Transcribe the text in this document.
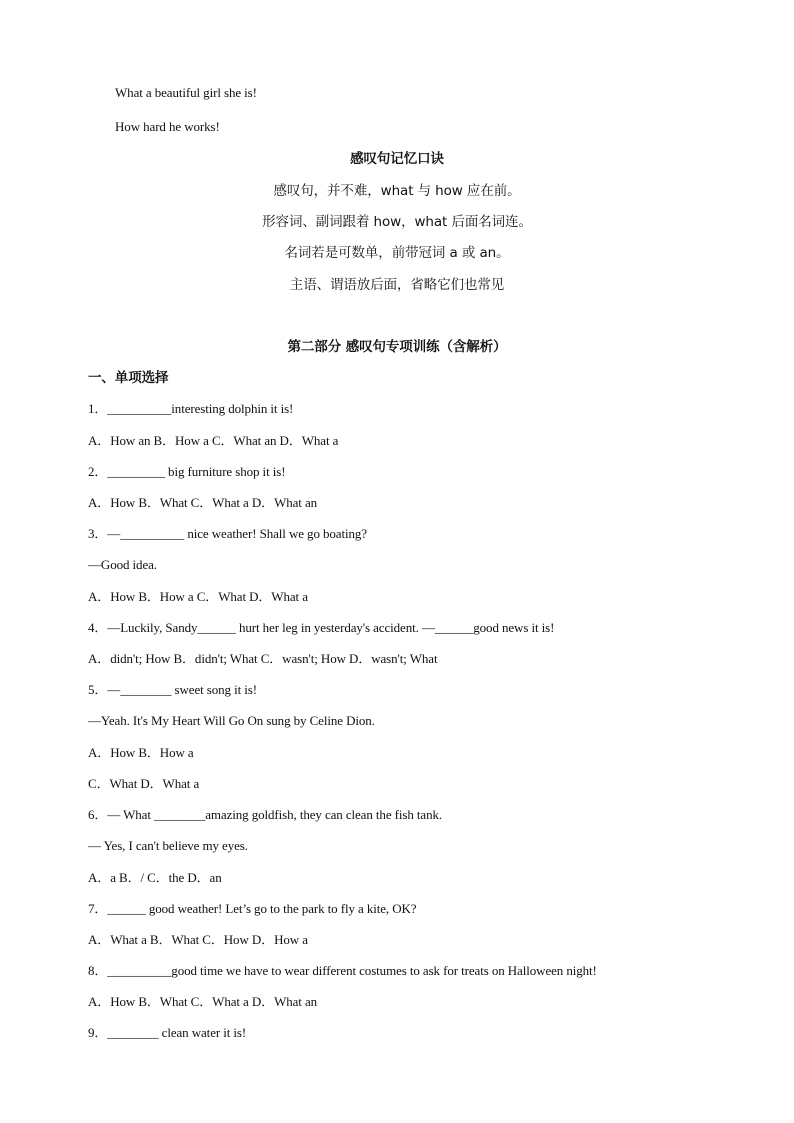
What a beautiful girl she is!
How hard he works!
感叹句记忆口诀
感叹句，并不难，what 与 how 应在前。
形容词、副词跟着 how，what 后面名词连。
名词若是可数单，前带冠词 a 或 an。
主语、谓语放后面，省略它们也常见
第二部分 感叹句专项训练（含解析）
一、单项选择
1．__________interesting dolphin it is!
A．How an B．How a C．What an D．What a
2．_________ big furniture shop it is!
A．How B．What C．What a D．What an
3．—__________ nice weather! Shall we go boating?
—Good idea.
A．How B．How a C．What D．What a
4．—Luckily, Sandy______ hurt her leg in yesterday's accident. —______good news it is!
A．didn't; How B．didn't; What C．wasn't; How D．wasn't; What
5．—________ sweet song it is!
—Yeah. It's My Heart Will Go On sung by Celine Dion.
A．How B．How a
C．What D．What a
6．— What ________amazing goldfish, they can clean the fish tank.
— Yes, I can't believe my eyes.
A．a B．/ C．the D．an
7．______ good weather! Let’s go to the park to fly a kite, OK?
A．What a B．What C．How D．How a
8．__________good time we have to wear different costumes to ask for treats on Halloween night!
A．How B．What C．What a D．What an
9．________ clean water it is!
